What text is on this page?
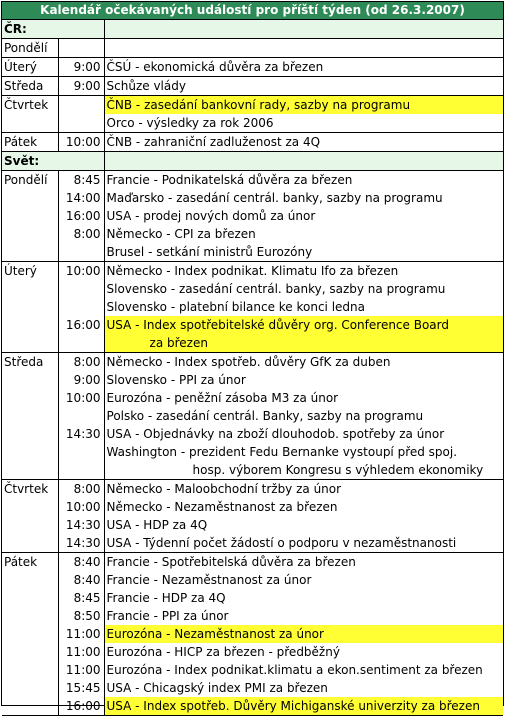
Kalendář očekávaných událostí pro příští týden (od 26.3.2007)
ČR:		
Pondělí		
Úterý	9:00	ČSÚ - ekonomická důvěra za březen
Středa	9:00	Schůze vlády
Čtvrtek		ČNB - zasedání bankovní rady, sazby na programu
		Orco - výsledky za rok 2006
Pátek	10:00	ČNB - zahraniční zadluženost za 4Q
Svět:		
Pondělí	8:45	Francie - Podnikatelská důvěra za březen
	14:00	Maďarsko - zasedání centrál. banky, sazby na programu
	16:00	USA - prodej nových domů za únor
	8:00	Německo - CPI za březen
		Brusel - setkání ministrů Eurozóny

Úterý	10:00	Německo - Index podnikat. Klimatu Ifo za březen
		Slovensko - zasedání centrál. banky, sazby na programu
		Slovensko - platební bilance ke konci ledna
	16:00	USA - Index spotřebitelské důvěry org. Conference Board
		za březen
Středa	8:00	Německo - Index spotřeb. důvěry GfK za duben
	9:00	Slovensko - PPI za únor
	10:00	Eurozóna - peněžní zásoba M3 za únor
		Polsko - zasedání centrál. Banky, sazby na programu
	14:30	USA - Objednávky na zboží dlouhodob. spotřeby za únor
		Washington - prezident Fedu Bernanke vystoupí před spoj.
		hosp. výborem Kongresu s výhledem ekonomiky
Čtvrtek	8:00	Německo - Maloobchodní tržby za únor
	10:00	Německo - Nezaměstnanost za březen
	14:30	USA - HDP za 4Q
	14:30	USA - Týdenní počet žádostí o podporu v nezaměstnanosti
Pátek	8:40	Francie - Spotřebitelská důvěra za březen
	8:40	Francie - Nezaměstnanost za únor
	8:45	Francie - HDP za 4Q
	8:50	Francie - PPI za únor
	11:00	Eurozóna - Nezaměstnanost za únor
	11:00	Eurozóna - HICP za březen - předběžný
	11:00	Eurozóna - Index podnikat.klimatu a ekon.sentiment za březen
	15:45	USA - Chicagský index PMI za březen
	16:00	USA - Index spotřeb. Důvěry Michiganské univerzity za březen
